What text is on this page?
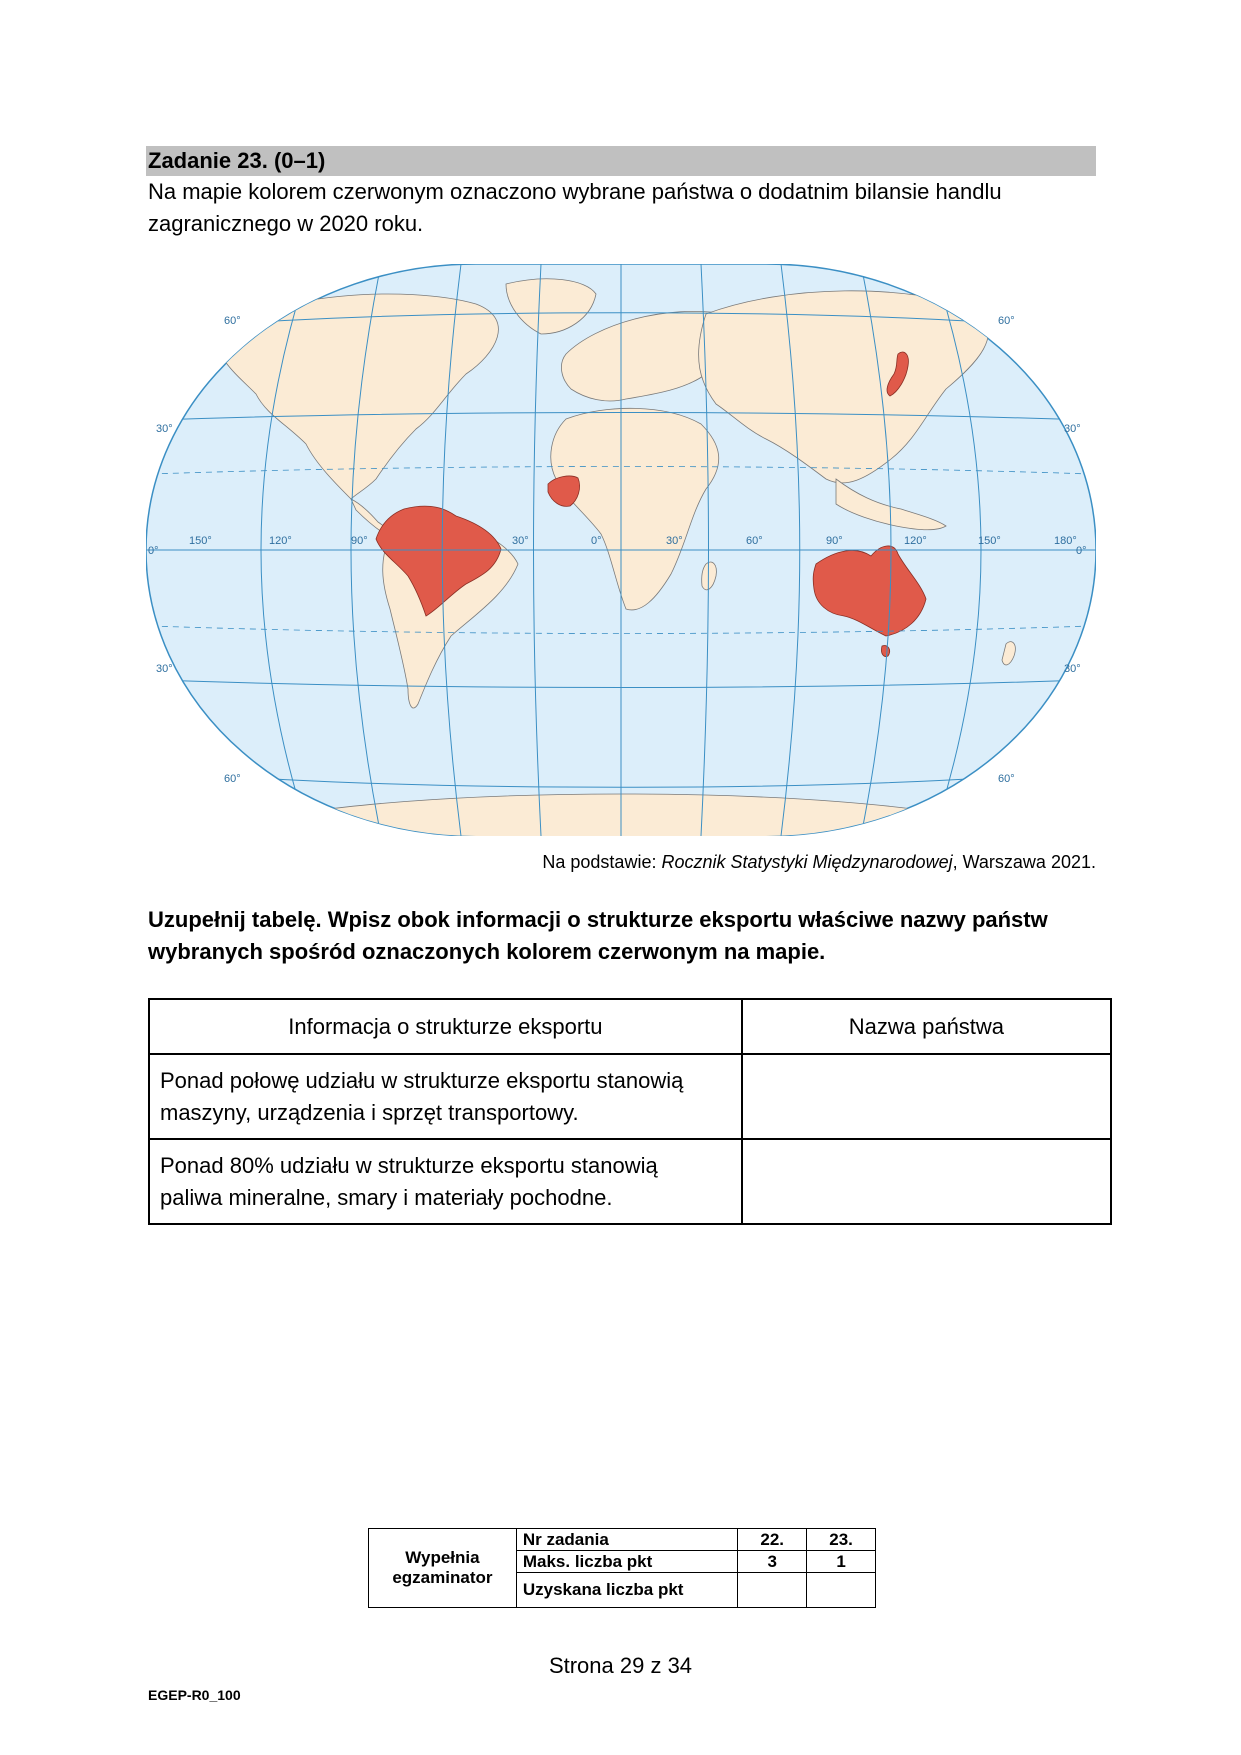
Zadanie 23. (0–1)
Na mapie kolorem czerwonym oznaczono wybrane państwa o dodatnim bilansie handlu
zagranicznego w 2020 roku.
150°	120°	90°	30°	0°	30°	60°	90°	120°	150°	180°
0°	0°
60°
30°
30°
60°
60°
30°
30°
60°
Na podstawie: Rocznik Statystyki Międzynarodowej, Warszawa 2021.
Uzupełnij tabelę. Wpisz obok informacji o strukturze eksportu właściwe nazwy państw
wybranych spośród oznaczonych kolorem czerwonym na mapie.
Informacja o strukturze eksportu	Nazwa państwa

Ponad połowę udziału w strukturze eksportu stanowią
maszyny, urządzenia i sprzęt transportowy.	

Ponad 80% udziału w strukturze eksportu stanowią
paliwa mineralne, smary i materiały pochodne.	

Wypełnia
egzaminator	Nr zadania	22.	23.
	Maks. liczba pkt	3	1
	Uzyskana liczba pkt		
Strona 29 z 34
EGEP-R0_100
